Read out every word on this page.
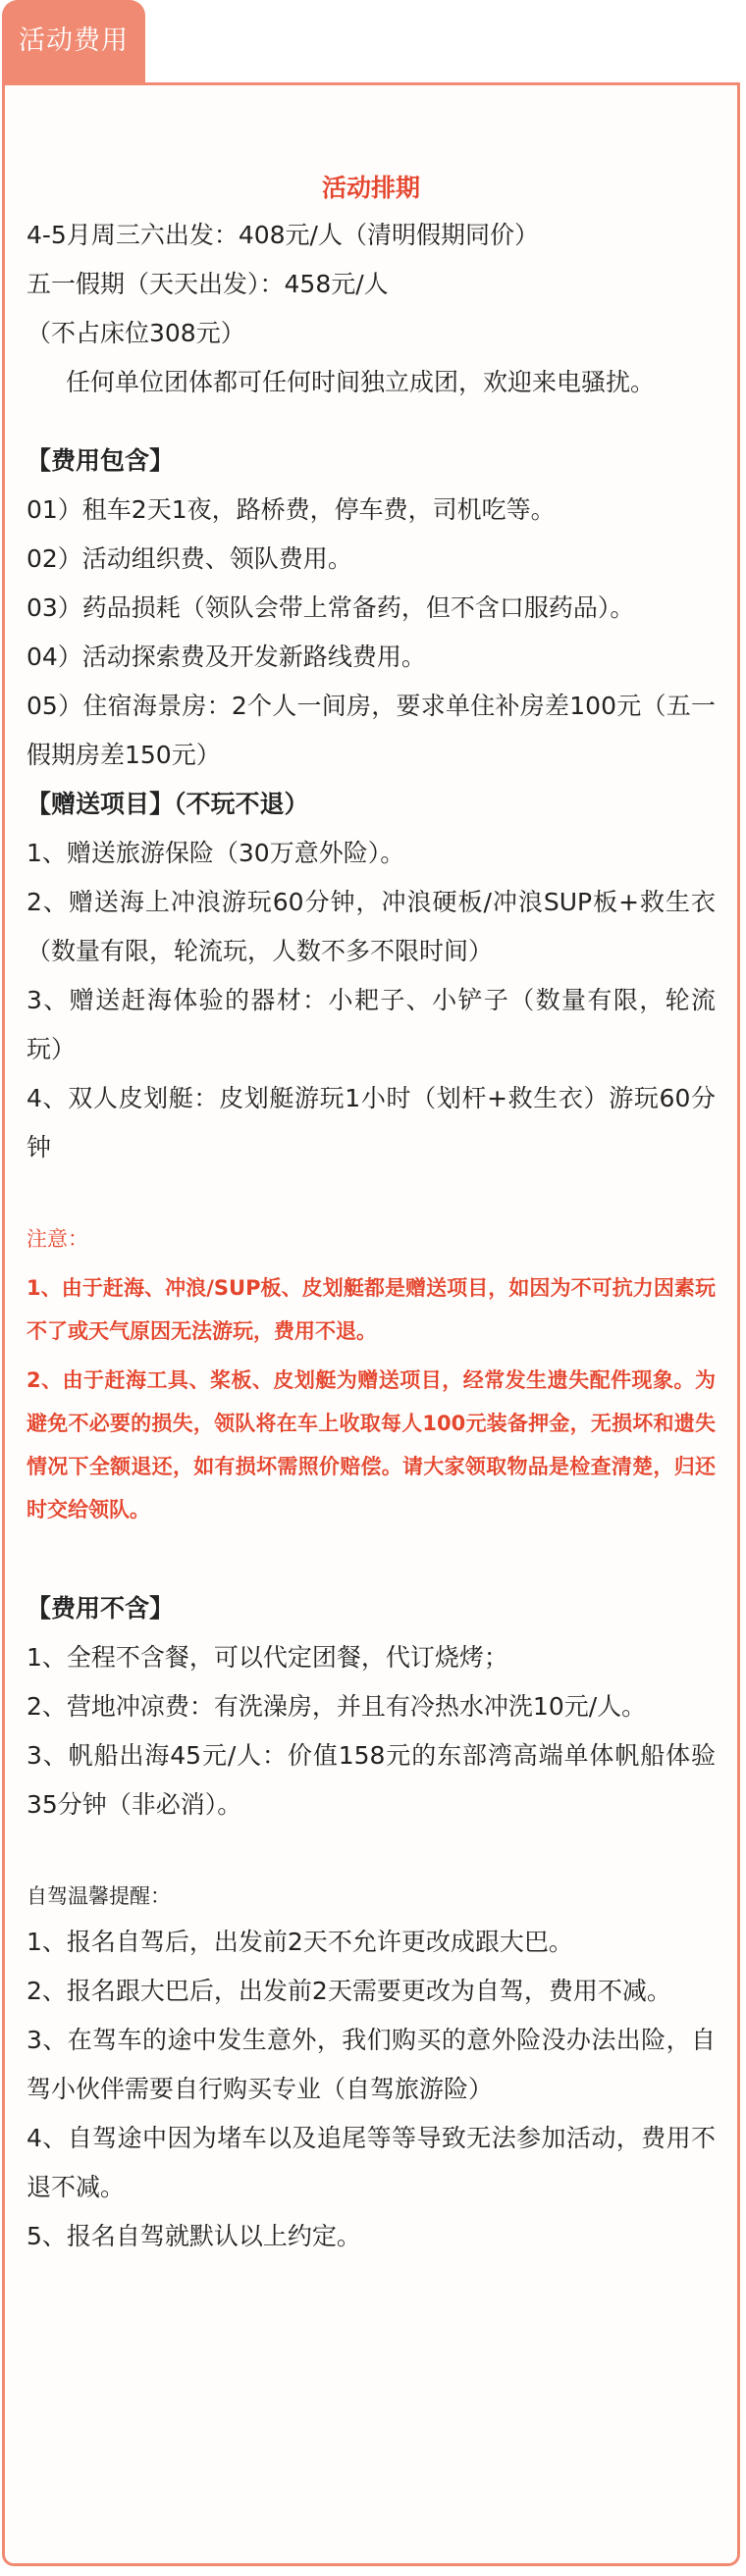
活动费用
活动排期

4-5月周三六出发：408元/人（清明假期同价）

五一假期（天天出发）：458元/人

（不占床位308元）

任何单位团体都可任何时间独立成团，欢迎来电骚扰。

【费用包含】

01）租车2天1夜，路桥费，停车费，司机吃等。

02）活动组织费、领队费用。

03）药品损耗（领队会带上常备药，但不含口服药品）。

04）活动探索费及开发新路线费用。

05）住宿海景房：2个人一间房，要求单住补房差100元（五一假期房差150元）

【赠送项目】（不玩不退）

1、赠送旅游保险（30万意外险）。

2、赠送海上冲浪游玩60分钟，冲浪硬板/冲浪SUP板+救生衣（数量有限，轮流玩，人数不多不限时间）

3、赠送赶海体验的器材：小耙子、小铲子（数量有限，轮流玩）

4、双人皮划艇：皮划艇游玩1小时（划杆+救生衣）游玩60分钟

注意：

1、由于赶海、冲浪/SUP板、皮划艇都是赠送项目，如因为不可抗力因素玩不了或天气原因无法游玩，费用不退。

2、由于赶海工具、桨板、皮划艇为赠送项目，经常发生遗失配件现象。为避免不必要的损失，领队将在车上收取每人100元装备押金，无损坏和遗失情况下全额退还，如有损坏需照价赔偿。请大家领取物品是检查清楚，归还时交给领队。

【费用不含】

1、全程不含餐，可以代定团餐，代订烧烤；

2、营地冲凉费：有洗澡房，并且有冷热水冲洗10元/人。

3、帆船出海45元/人：价值158元的东部湾高端单体帆船体验35分钟（非必消）。

自驾温馨提醒：

1、报名自驾后，出发前2天不允许更改成跟大巴。

2、报名跟大巴后，出发前2天需要更改为自驾，费用不减。

3、在驾车的途中发生意外，我们购买的意外险没办法出险，自驾小伙伴需要自行购买专业（自驾旅游险）

4、自驾途中因为堵车以及追尾等等导致无法参加活动，费用不退不减。

5、报名自驾就默认以上约定。
